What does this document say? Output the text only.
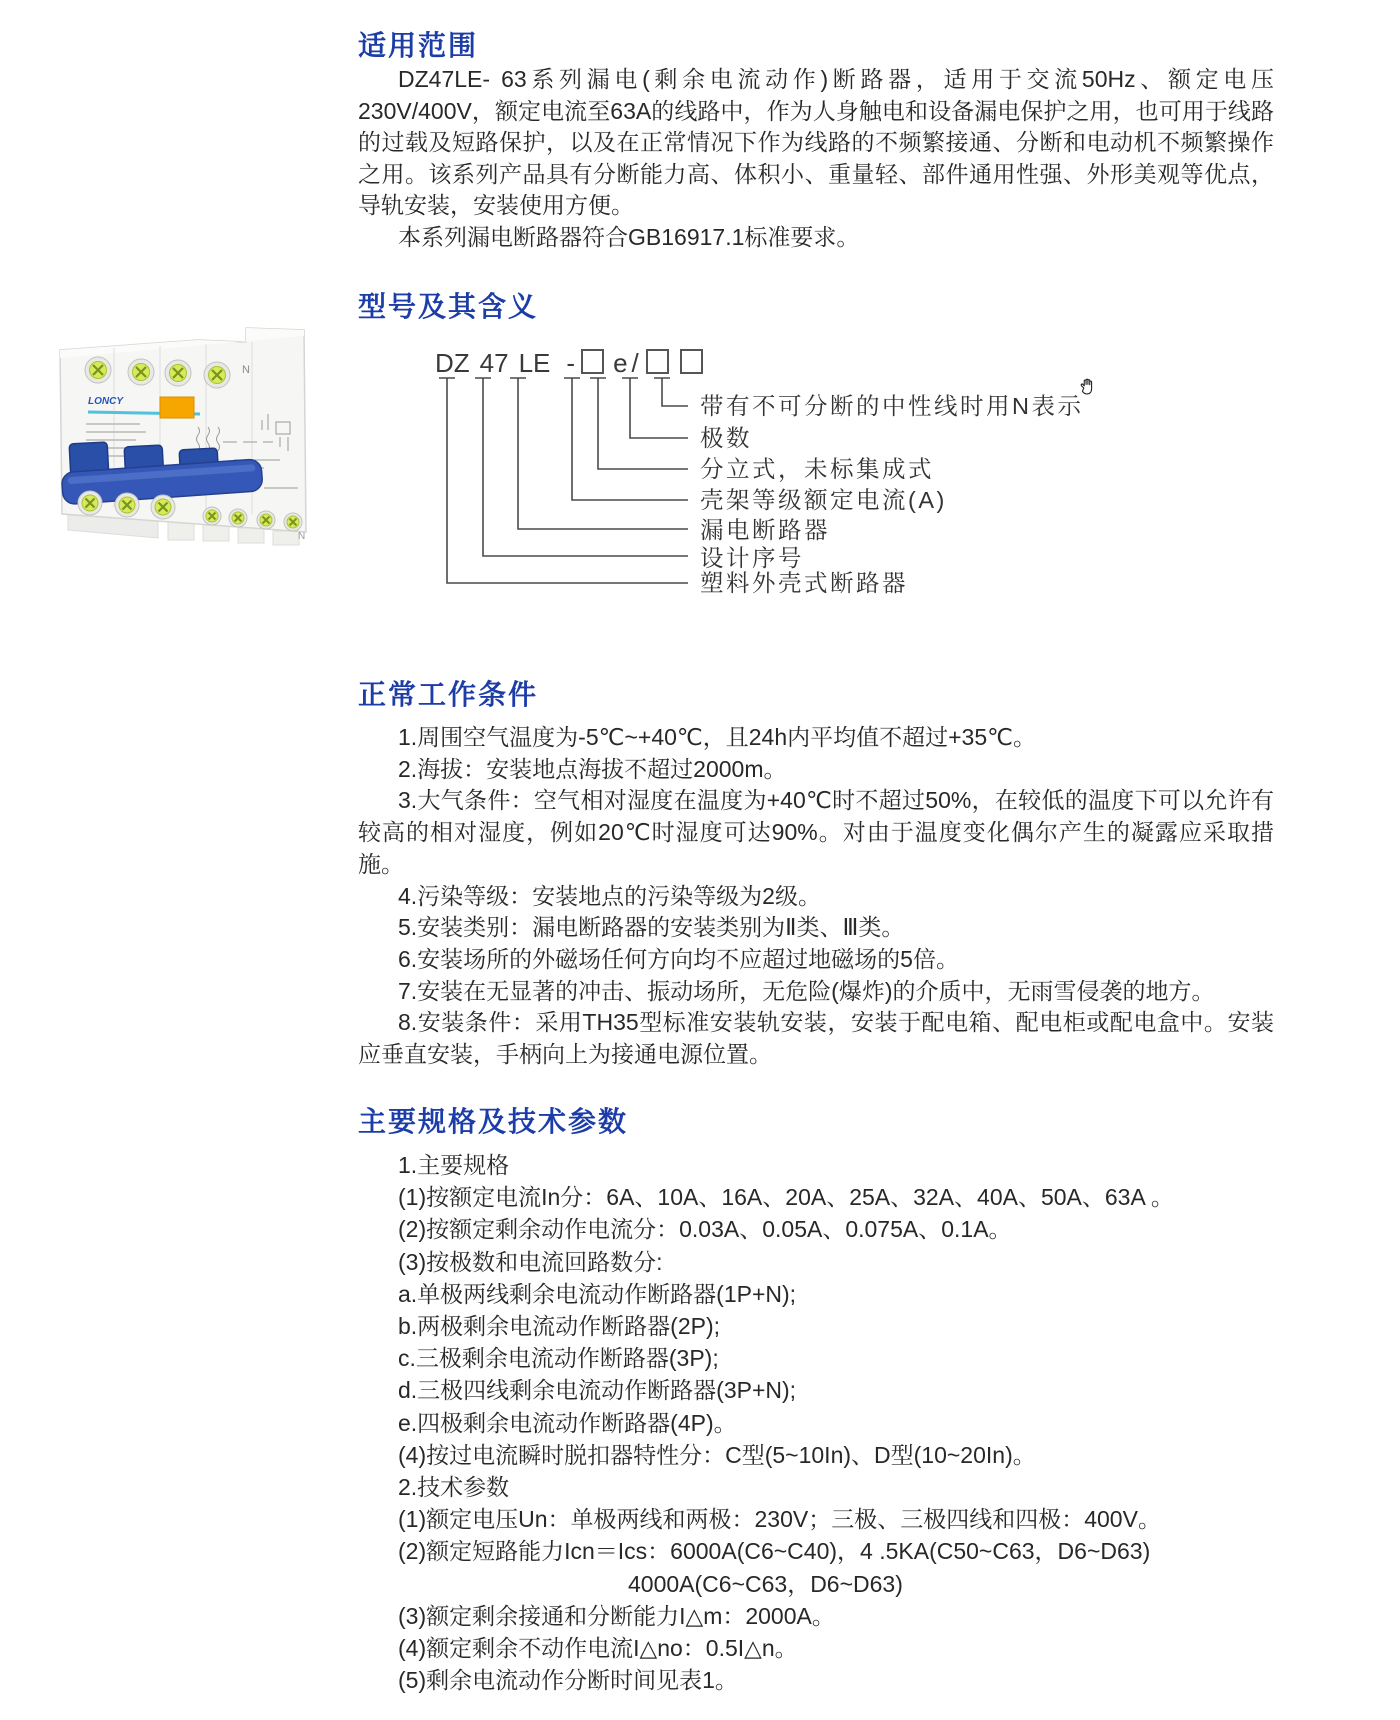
适用范围

DZ47LE- 63系列漏电(剩余电流动作)断路器，适用于交流50Hz、额定电压230V/400V，额定电流至63A的线路中，作为人身触电和设备漏电保护之用，也可用于线路的过载及短路保护，以及在正常情况下作为线路的不频繁接通、分断和电动机不频繁操作之用。该系列产品具有分断能力高、体积小、重量轻、部件通用性强、外形美观等优点，导轨安装，安装使用方便。

本系列漏电断路器符合GB16917.1标准要求。

型号及其含义
N
LONCY
N
DZ 47 LE - e /
带有不可分断的中性线时用N表示
极数
分立式，未标集成式
壳架等级额定电流(A)
漏电断路器
设计序号
塑料外壳式断路器
正常工作条件

1.周围空气温度为-5℃~+40℃，且24h内平均值不超过+35℃。

2.海拔：安装地点海拔不超过2000m。

3.大气条件：空气相对湿度在温度为+40℃时不超过50%，在较低的温度下可以允许有较高的相对湿度，例如20℃时湿度可达90%。对由于温度变化偶尔产生的凝露应采取措施。

4.污染等级：安装地点的污染等级为2级。

5.安装类别：漏电断路器的安装类别为Ⅱ类、Ⅲ类。

6.安装场所的外磁场任何方向均不应超过地磁场的5倍。

7.安装在无显著的冲击、振动场所，无危险(爆炸)的介质中，无雨雪侵袭的地方。

8.安装条件：采用TH35型标准安装轨安装，安装于配电箱、配电柜或配电盒中。安装应垂直安装，手柄向上为接通电源位置。

主要规格及技术参数

1.主要规格

(1)按额定电流In分：6A、10A、16A、20A、25A、32A、40A、50A、63A 。

(2)按额定剩余动作电流分：0.03A、0.05A、0.075A、0.1A。

(3)按极数和电流回路数分:

a.单极两线剩余电流动作断路器(1P+N);

b.两极剩余电流动作断路器(2P);

c.三极剩余电流动作断路器(3P);

d.三极四线剩余电流动作断路器(3P+N);

e.四极剩余电流动作断路器(4P)。

(4)按过电流瞬时脱扣器特性分：C型(5~10In)、D型(10~20In)。

2.技术参数

(1)额定电压Un：单极两线和两极：230V；三极、三极四线和四极：400V。

(2)额定短路能力Icn＝Ics：6000A(C6~C40)，4 .5KA(C50~C63，D6~D63)

4000A(C6~C63，D6~D63)

(3)额定剩余接通和分断能力I△m：2000A。

(4)额定剩余不动作电流I△no：0.5I△n。

(5)剩余电流动作分断时间见表1。
